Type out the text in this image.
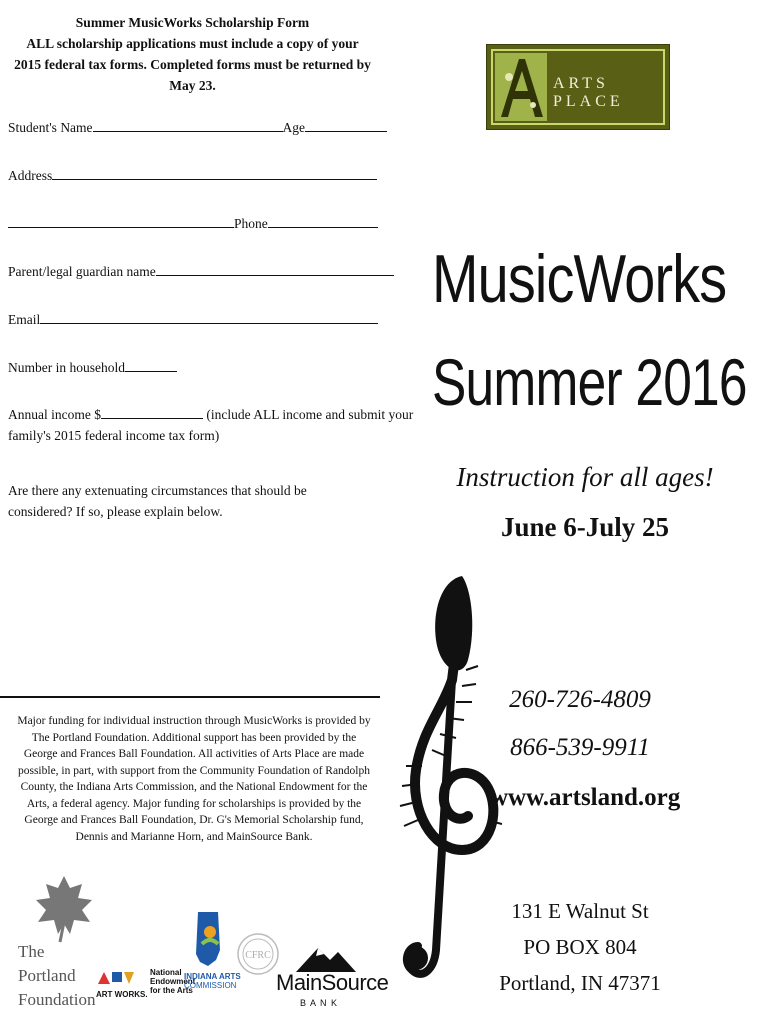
Summer MusicWorks Scholarship Form
ALL scholarship applications must include a copy of your
2015 federal tax forms. Completed forms must be returned by May 23.
Student's Name	Age
Address
Phone
Parent/legal guardian name
Email
Number in household
Annual income $	(include ALL income and submit your
family's 2015 federal income tax form)
Are there any extenuating circumstances that should be considered? If so, please explain below.
Major funding for individual instruction through MusicWorks is provided by The Portland Foundation. Additional support has been provided by the George and Frances Ball Foundation. All activities of Arts Place are made possible, in part, with support from the Community Foundation of Randolph County, the Indiana Arts Commission, and the National Endowment for the Arts, a federal agency. Major funding for scholarships is provided by the George and Frances Ball Foundation, Dr. G's Memorial Scholarship fund, Dennis and Marianne Horn, and MainSource Bank.
The
Portland
Foundation ART WORKS.
National
Endowment
for the Arts
INDIANA ARTS
COMMISSION
CFRC
MainSource
B A N K
ARTS PLACE
MusicWorks
Summer 2016
Instruction for all ages!
June 6-July 25
260-726-4809
866-539-9911
www.artsland.org
131 E Walnut St
PO BOX 804
Portland, IN 47371
